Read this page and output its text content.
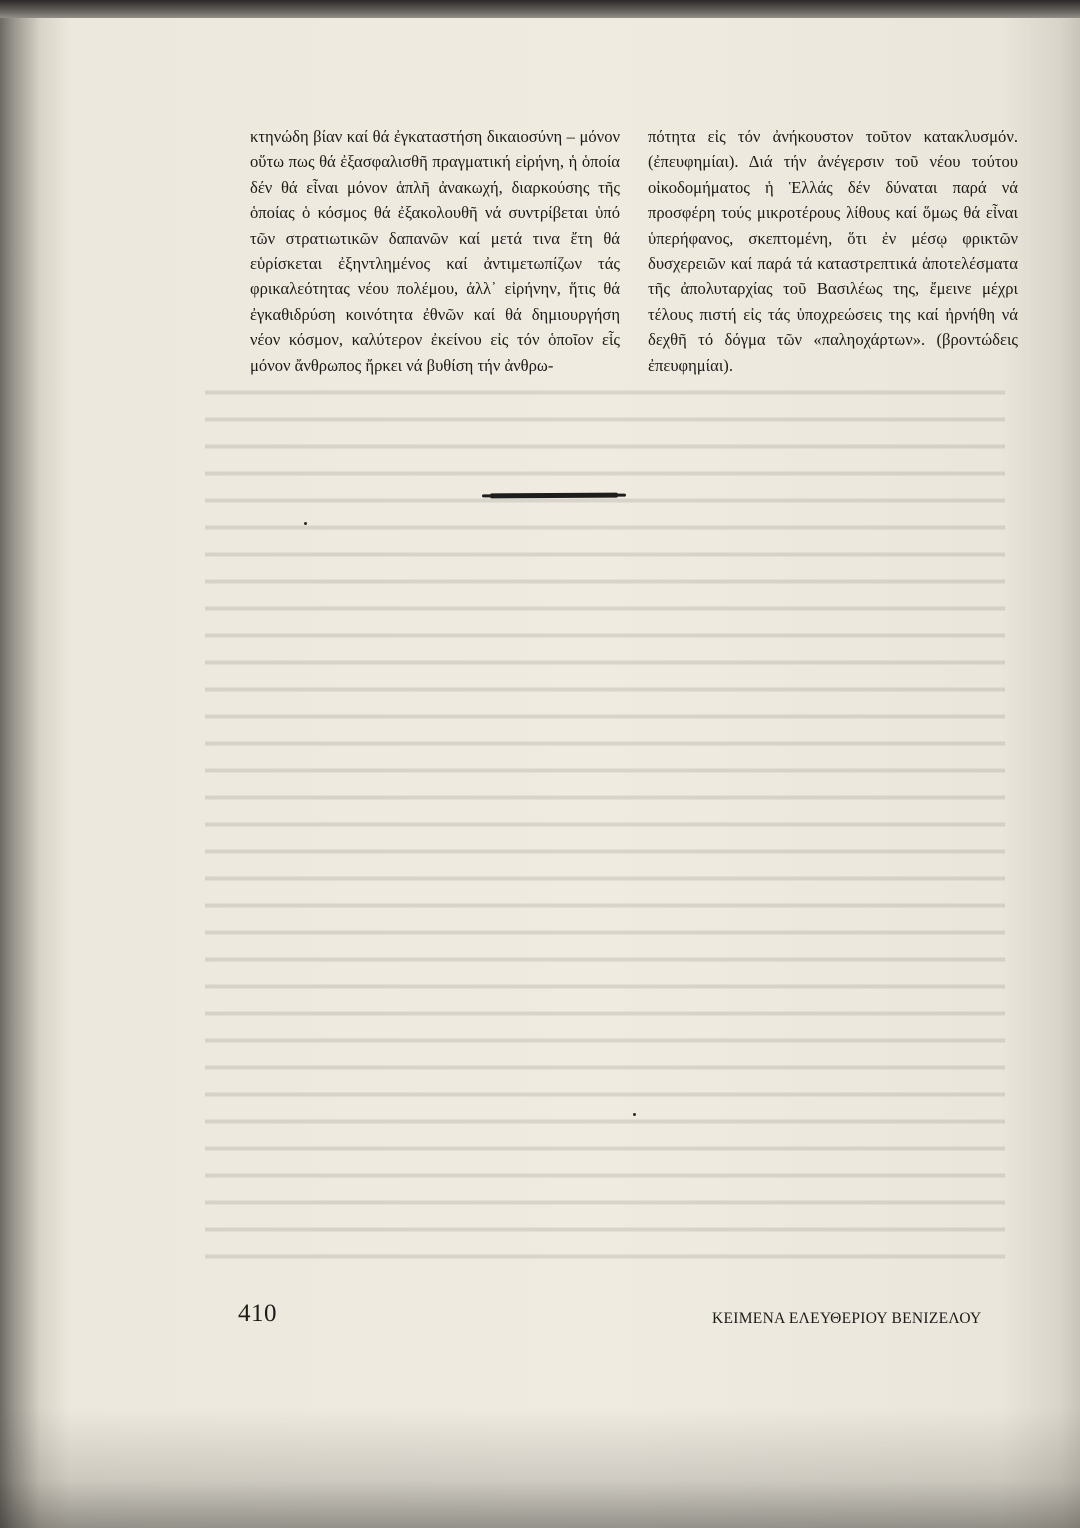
κτηνώδη βίαν καί θά ἐγκαταστήση δικαιοσύνη – μόνον οὕτω πως θά ἐξασφαλισθῆ πραγματική εἰρήνη, ἡ ὁποία δέν θά εἶναι μόνον ἁπλῆ ἀνακωχή, διαρκούσης τῆς ὁποίας ὁ κόσμος θά ἐξακολουθῆ νά συντρίβεται ὑπό τῶν στρατιωτικῶν δαπανῶν καί μετά τινα ἔτη θά εὑρίσκεται ἐξηντλημένος καί ἀντιμετωπίζων τάς φρικαλεότητας νέου πολέμου, ἀλλ᾽ εἰρήνην, ἥτις θά ἐγκαθιδρύση κοινότητα ἐθνῶν καί θά δημιουργήση νέον κόσμον, καλύτερον ἐκείνου εἰς τόν ὁποῖον εἷς μόνον ἄνθρωπος ἤρκει νά βυθίση τήν ἀνθρω-

πότητα εἰς τόν ἀνήκουστον τοῦτον κατακλυσμόν. (ἐπευφημίαι). Διά τήν ἀνέγερσιν τοῦ νέου τούτου οἰκοδομήματος ἡ Ἑλλάς δέν δύναται παρά νά προσφέρη τούς μικροτέρους λίθους καί ὅμως θά εἶναι ὑπερήφανος, σκεπτομένη, ὅτι ἐν μέσῳ φρικτῶν δυσχερειῶν καί παρά τά καταστρεπτικά ἀποτελέσματα τῆς ἀπολυταρχίας τοῦ Βασιλέως της, ἔμεινε μέχρι τέλους πιστή εἰς τάς ὑποχρεώσεις της καί ἠρνήθη νά δεχθῆ τό δόγμα τῶν «παληοχάρτων». (βροντώδεις ἐπευφημίαι).

410	ΚΕΙΜΕΝΑ ΕΛΕΥΘΕΡΙΟΥ ΒΕΝΙΖΕΛΟΥ
